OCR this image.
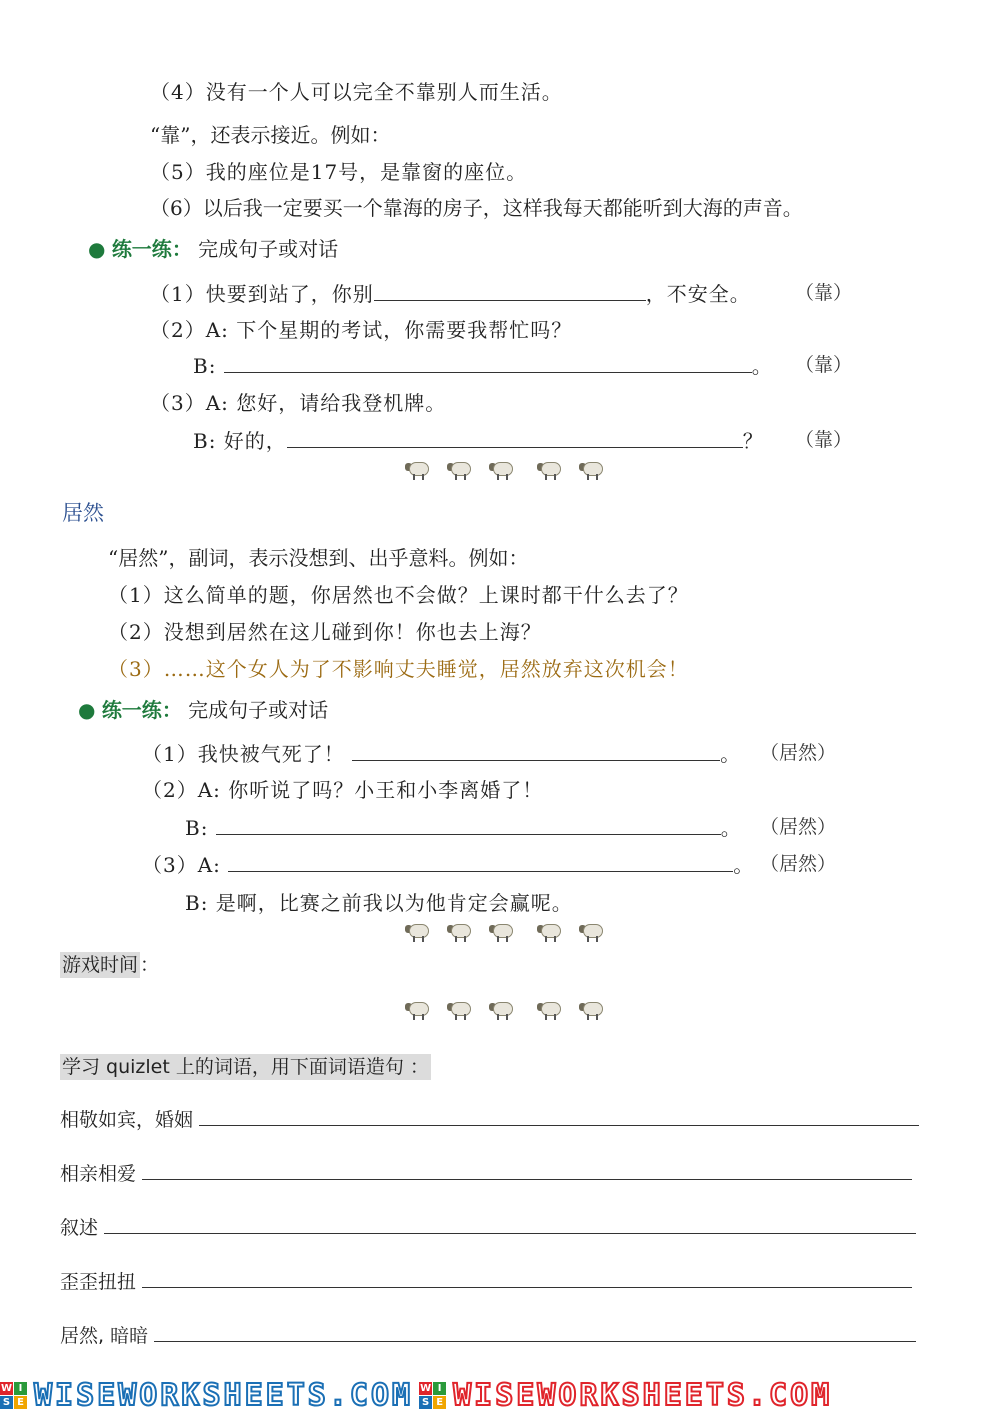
（4）没有一个人可以完全不靠别人而生活。
“靠”，还表示接近。例如：
（5）我的座位是17号，是靠窗的座位。
（6）以后我一定要买一个靠海的房子，这样我每天都能听到大海的声音。
● 练一练： 完成句子或对话
（1）快要到站了，你别	，不安全。 （靠）
（2）A: 下个星期的考试，你需要我帮忙吗？
B:	。 （靠）
（3）A: 您好，请给我登机牌。
B: 好的，	？ （靠）
居然
“居然”，副词，表示没想到、出乎意料。例如：
（1）这么简单的题，你居然也不会做？上课时都干什么去了？
（2）没想到居然在这儿碰到你！你也去上海？
（3）……这个女人为了不影响丈夫睡觉，居然放弃这次机会！
● 练一练： 完成句子或对话
（1）我快被气死了！	。 （居然）
（2）A: 你听说了吗？小王和小李离婚了！
B:	。 （居然）
（3）A:	。 （居然）
B: 是啊，比赛之前我以为他肯定会赢呢。
游戏时间 ：
学习 quizlet 上的词语，用下面词语造句 ：
相敬如宾，婚姻
相亲相爱
叙述
歪歪扭扭
居然, 暗暗
W I
S E WISEWORKSHEETS.COM W I
S E WISEWORKSHEETS.COM
